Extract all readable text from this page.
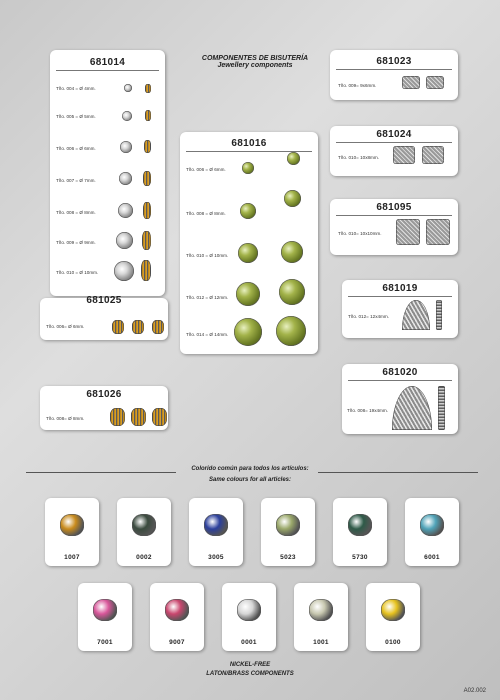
COMPONENTES DE BISUTERÍA
Jewellery components
681014
Tño. 004 = Ø 4mm.
Tño. 005 = Ø 5mm.
Tño. 006 = Ø 6mm.
Tño. 007 = Ø 7mm.
Tño. 008 = Ø 8mm.
Tño. 009 = Ø 9mm.
Tño. 010 = Ø 10mm.
681016
Tño. 006 = Ø 6mm.
Tño. 008 = Ø 8mm.
Tño. 010 = Ø 10mm.
Tño. 012 = Ø 12mm.
Tño. 014 = Ø 14mm.
681025
Tño. 006= Ø 6mm.
681026
Tño. 008= Ø 8mm.
681023
Tño. 009= 9x6mm.
681024
Tño. 010= 10x8mm.
681095
Tño. 010= 10x10mm.
681019
Tño. 012= 12x4mm.
681020
Tño. 008= 19x4mm.
Colorido común para todos los artículos:
Same colours for all articles:
1007	0002	3005	5023	5730	6001
7001	9007	0001	1001	0100
NICKEL-FREE
LATON/BRASS COMPONENTS
A02.002
